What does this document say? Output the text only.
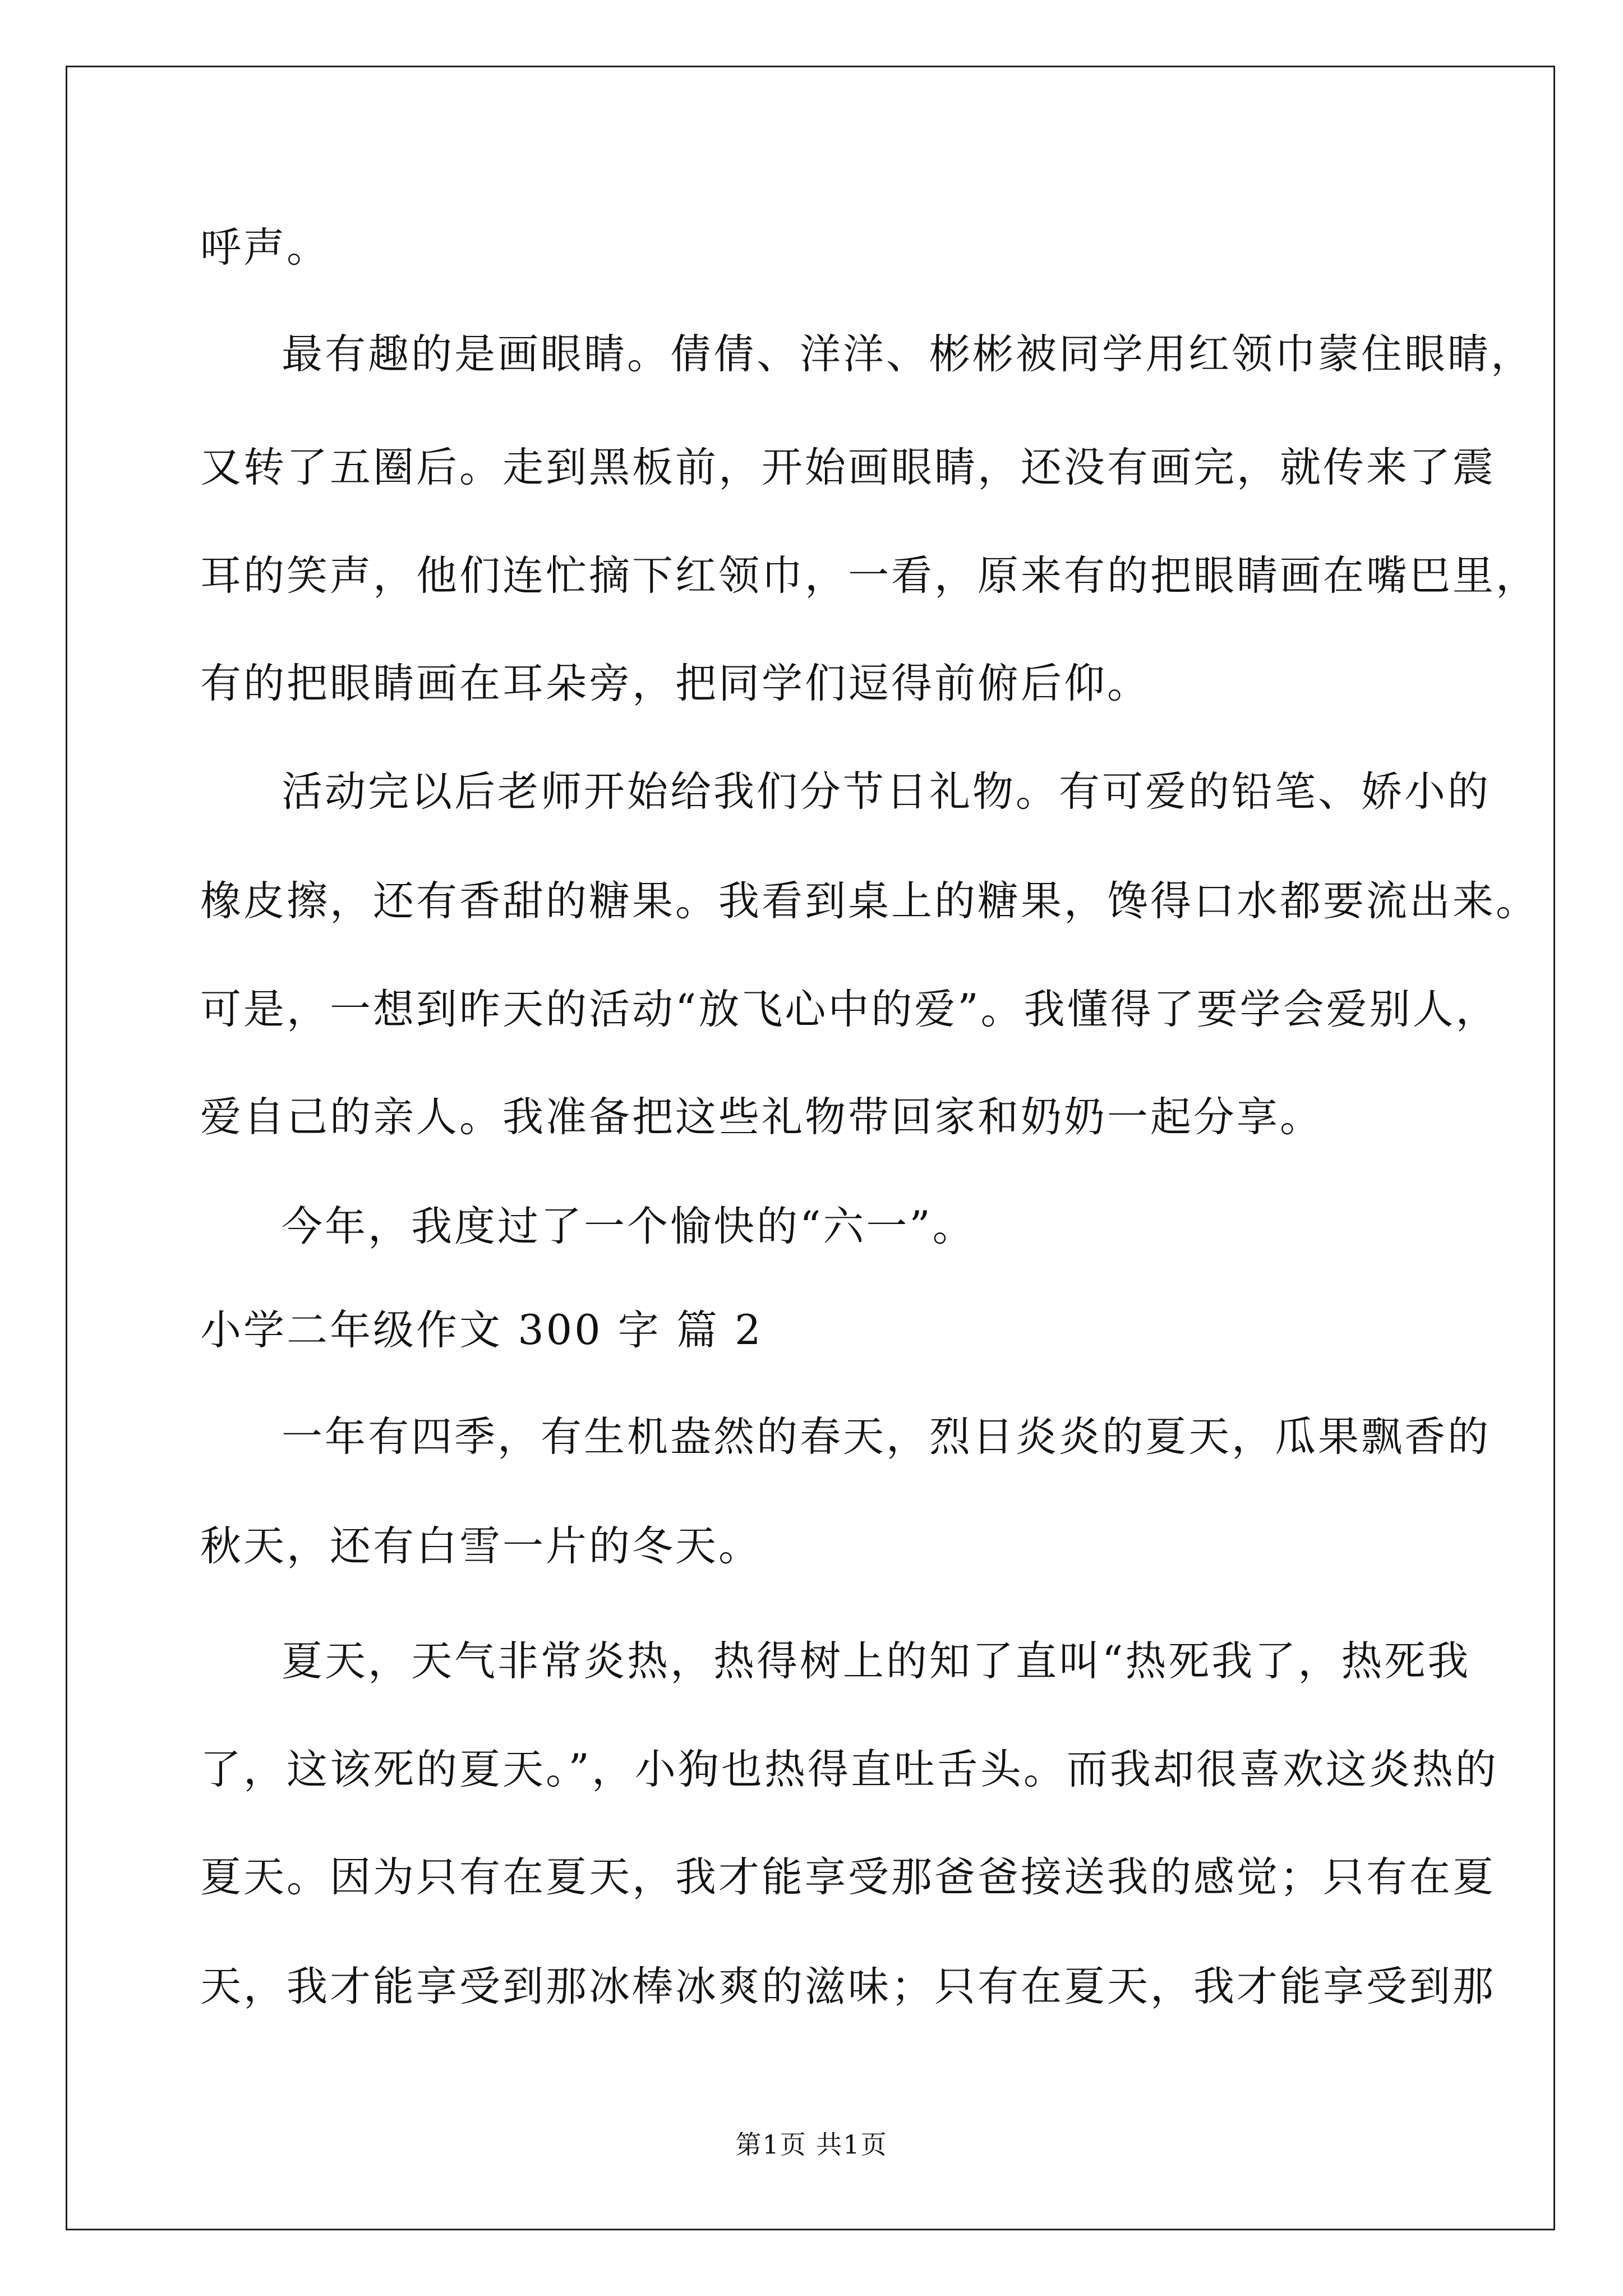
呼声。
最有趣的是画眼睛。倩倩、洋洋、彬彬被同学用红领巾蒙住眼睛，
又转了五圈后。走到黑板前，开始画眼睛，还没有画完，就传来了震
耳的笑声，他们连忙摘下红领巾，一看，原来有的把眼睛画在嘴巴里，
有的把眼睛画在耳朵旁，把同学们逗得前俯后仰。
活动完以后老师开始给我们分节日礼物。有可爱的铅笔、娇小的
橡皮擦，还有香甜的糖果。我看到桌上的糖果，馋得口水都要流出来。
可是，一想到昨天的活动“放飞心中的爱”。我懂得了要学会爱别人，
爱自己的亲人。我准备把这些礼物带回家和奶奶一起分享。
今年，我度过了一个愉快的“六一”。
小学二年级作文 300 字 篇 2
一年有四季，有生机盎然的春天，烈日炎炎的夏天，瓜果飘香的
秋天，还有白雪一片的冬天。
夏天，天气非常炎热，热得树上的知了直叫“热死我了，热死我
了，这该死的夏天。”，小狗也热得直吐舌头。而我却很喜欢这炎热的
夏天。因为只有在夏天，我才能享受那爸爸接送我的感觉；只有在夏
天，我才能享受到那冰棒冰爽的滋味；只有在夏天，我才能享受到那
第1页 共1页
